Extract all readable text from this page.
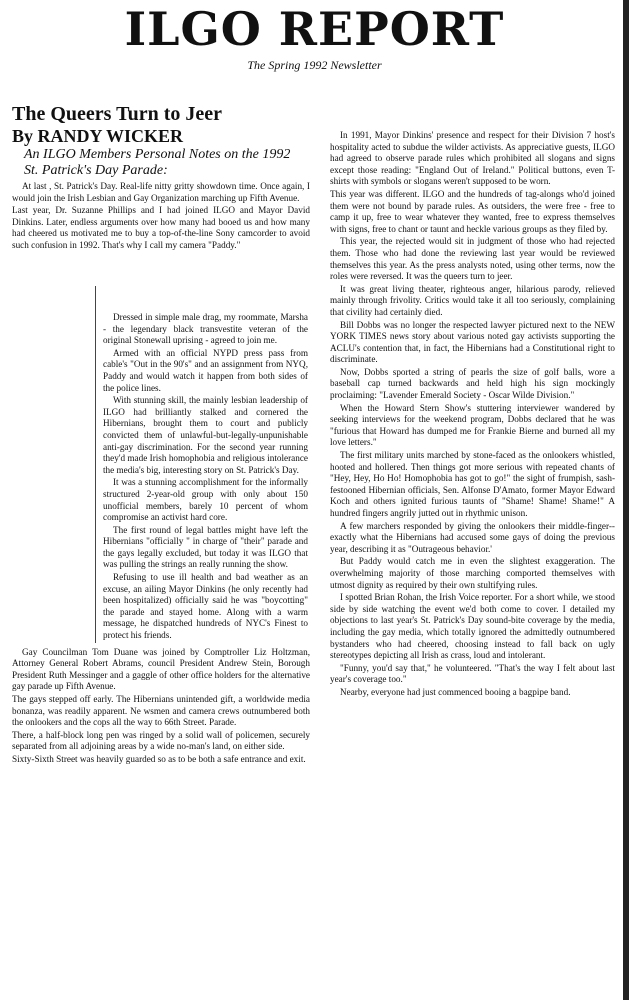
ILGO REPORT
The Spring 1992 Newsletter
The Queers Turn to Jeer
By RANDY WICKER
An ILGO Members Personal Notes on the 1992 St. Patrick's Day Parade:

At last , St. Patrick's Day. Real-life nitty gritty showdown time. Once again, I would join the Irish Lesbian and Gay Organization marching up Fifth Avenue.

Last year, Dr. Suzanne Phillips and I had joined ILGO and Mayor David Dinkins. Later, endless arguments over how many had booed us and how many had cheered us motivated me to buy a top-of-the-line Sony camcorder to avoid such confusion in 1992. That's why I call my camera "Paddy."

Dressed in simple male drag, my roommate, Marsha - the legendary black transvestite veteran of the original Stonewall uprising - agreed to join me.

Armed with an official NYPD press pass from cable's "Out in the 90's" and an assignment from NYQ, Paddy and would watch it happen from both sides of the police lines.

With stunning skill, the mainly lesbian leadership of ILGO had brilliantly stalked and cornered the Hibernians, brought them to court and publicly convicted them of unlawful-but-legally-unpunishable anti-gay discrimination. For the second year running they'd made Irish homophobia and religious intolerance the media's big, interesting story on St. Patrick's Day.

It was a stunning accomplishment for the informally structured 2-year-old group with only about 150 unofficial members, barely 10 percent of whom compromise an activist hard core.

The first round of legal battles might have left the Hibernians "officially " in charge of "their" parade and the gays legally excluded, but today it was ILGO that was pulling the strings an really running the show.

Refusing to use ill health and bad weather as an excuse, an ailing Mayor Dinkins (he only recently had been hospitalized) officially said he was "boycotting" the parade and stayed home. Along with a warm message, he dispatched hundreds of NYC's Finest to protect his friends.

Gay Councilman Tom Duane was joined by Comptroller Liz Holtzman, Attorney General Robert Abrams, council President Andrew Stein, Borough President Ruth Messinger and a gaggle of other office holders for the alternative gay parade up Fifth Avenue.

The gays stepped off early. The Hibernians unintended gift, a worldwide media bonanza, was readily apparent. Ne wsmen and camera crews outnumbered both the onlookers and the cops all the way to 66th Street. Parade.

There, a half-block long pen was ringed by a solid wall of policemen, securely separated from all adjoining areas by a wide no-man's land, on either side.

Sixty-Sixth Street was heavily guarded so as to be both a safe entrance and exit.

In 1991, Mayor Dinkins' presence and respect for their Division 7 host's hospitality acted to subdue the wilder activists. As appreciative guests, ILGO had agreed to observe parade rules which prohibited all slogans and signs except those reading: "England Out of Ireland." Political buttons, even T-shirts with symbols or slogans weren't supposed to be worn.

This year was different. ILGO and the hundreds of tag-alongs who'd joined them were not bound by parade rules. As outsiders, the were free - free to camp it up, free to wear whatever they wanted, free to express themselves with signs, free to chant or taunt and heckle various groups as they filed by.

This year, the rejected would sit in judgment of those who had rejected them. Those who had done the reviewing last year would be reviewed themselves this year. As the press analysts noted, using other terms, now the roles were reversed. It was the queers turn to jeer.

It was great living theater, righteous anger, hilarious parody, relieved mainly through frivolity. Critics would take it all too seriously, complaining that civility had certainly died.

Bill Dobbs was no longer the respected lawyer pictured next to the NEW YORK TIMES news story about various noted gay activists supporting the ACLU's contention that, in fact, the Hibernians had a Constitutional right to discriminate.

Now, Dobbs sported a string of pearls the size of golf balls, wore a baseball cap turned backwards and held high his sign mockingly proclaiming: "Lavender Emerald Society - Oscar Wilde Division."

When the Howard Stern Show's stuttering interviewer wandered by seeking interviews for the weekend program, Dobbs declared that he was "furious that Howard has dumped me for Frankie Bierne and burned all my love letters."

The first military units marched by stone-faced as the onlookers whistled, hooted and hollered. Then things got more serious with repeated chants of "Hey, Hey, Ho Ho! Homophobia has got to go!" the sight of frumpish, sash-festooned Hibernian officials, Sen. Alfonse D'Amato, former Mayor Edward Koch and others ignited furious taunts of "Shame! Shame! Shame!" A hundred fingers angrily jutted out in rhythmic unison.

A few marchers responded by giving the onlookers their middle-finger--exactly what the Hibernians had accused some gays of doing the previous year, describing it as "Outrageous behavior.'

But Paddy would catch me in even the slightest exaggeration. The overwhelming majority of those marching comported themselves with utmost dignity as required by their own stultifying rules.

I spotted Brian Rohan, the Irish Voice reporter. For a short while, we stood side by side watching the event we'd both come to cover. I detailed my objections to last year's St. Patrick's Day sound-bite coverage by the media, including the gay media, which totally ignored the admittedly outnumbered bystanders who had cheered, choosing instead to fall back on ugly stereotypes depicting all Irish as crass, loud and intolerant.

"Funny, you'd say that," he volunteered. "That's the way I felt about last year's coverage too."

Nearby, everyone had just commenced booing a bagpipe band.
